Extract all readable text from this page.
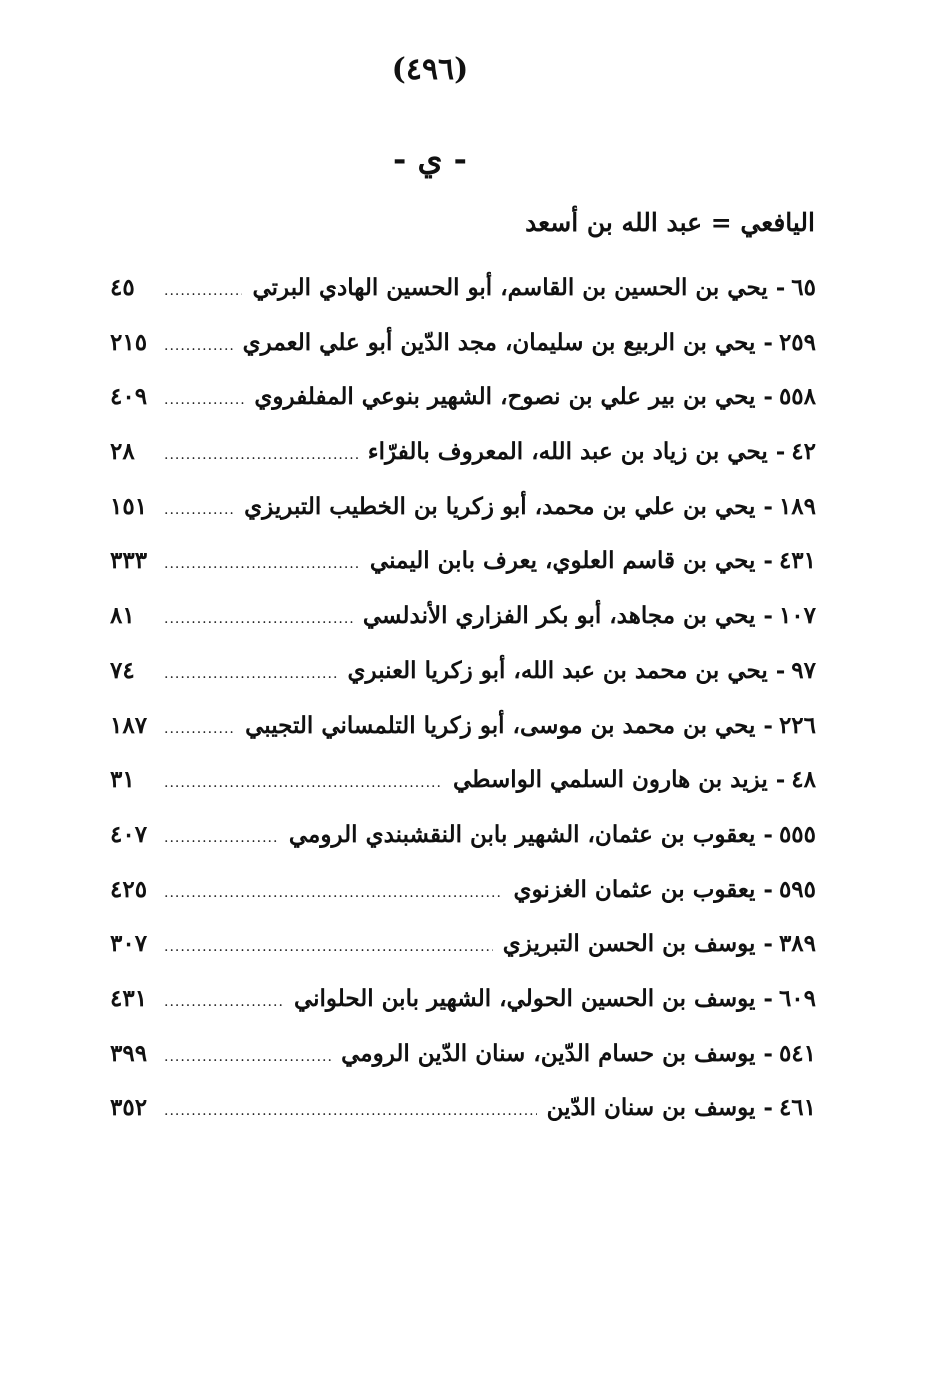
(٤٩٦)
- ي -
اليافعي = عبد الله بن أسعد
٦٥
-
يحي بن الحسين بن القاسم، أبو الحسين الهادي البرتي
.....
٤٥
٢٥٩
-
يحي بن الربيع بن سليمان، مجد الدّين أبو علي العمري
.....
٢١٥
٥٥٨
-
يحي بن بير علي بن نصوح، الشهير بنوعي المفلفروي
.....
٤٠٩
٤٢
-
يحي بن زياد بن عبد الله، المعروف بالفرّاء
.....
٢٨
١٨٩
-
يحي بن علي بن محمد، أبو زكريا بن الخطيب التبريزي
.....
١٥١
٤٣١
-
يحي بن قاسم العلوي، يعرف بابن اليمني
.....
٣٣٣
١٠٧
-
يحي بن مجاهد، أبو بكر الفزاري الأندلسي
.....
٨١
٩٧
-
يحي بن محمد بن عبد الله، أبو زكريا العنبري
.....
٧٤
٢٢٦
-
يحي بن محمد بن موسى، أبو زكريا التلمساني التجيبي
.....
١٨٧
٤٨
-
يزيد بن هارون السلمي الواسطي
.....
٣١
٥٥٥
-
يعقوب بن عثمان، الشهير بابن النقشبندي الرومي
.....
٤٠٧
٥٩٥
-
يعقوب بن عثمان الغزنوي
.....
٤٢٥
٣٨٩
-
يوسف بن الحسن التبريزي
.....
٣٠٧
٦٠٩
-
يوسف بن الحسين الحولي، الشهير بابن الحلواني
.....
٤٣١
٥٤١
-
يوسف بن حسام الدّين، سنان الدّين الرومي
.....
٣٩٩
٤٦١
-
يوسف بن سنان الدّين
.....
٣٥٢
